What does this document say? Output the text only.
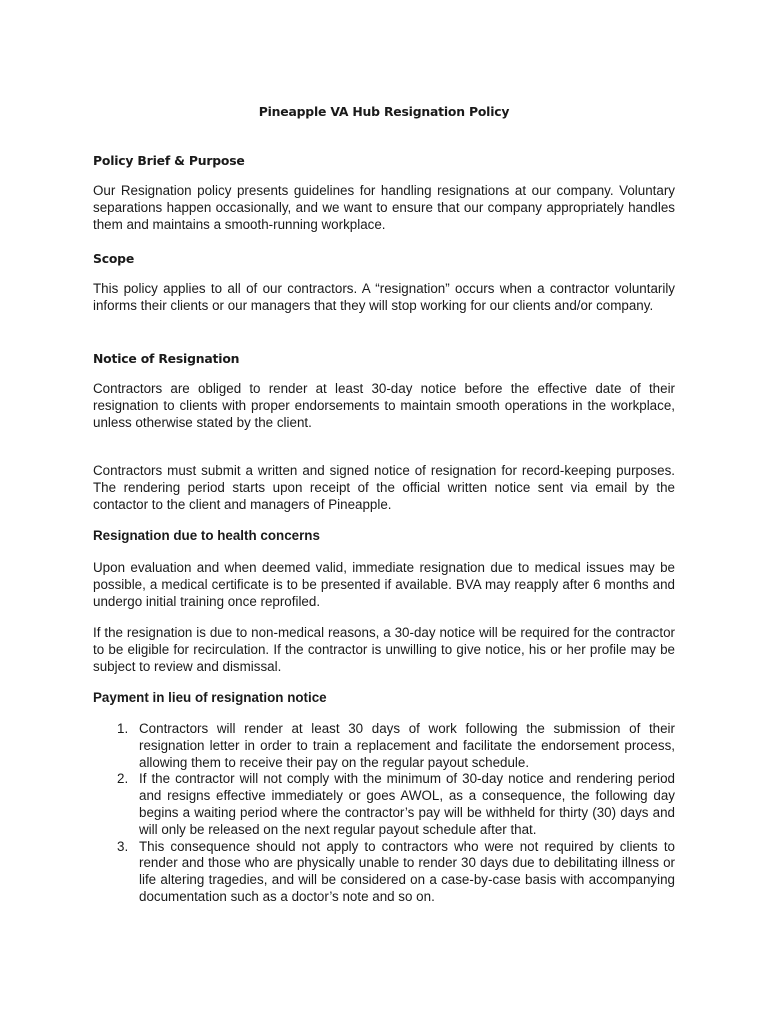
Pineapple VA Hub Resignation Policy
Policy Brief & Purpose

Our Resignation policy presents guidelines for handling resignations at our company. Voluntary separations happen occasionally, and we want to ensure that our company appropriately handles them and maintains a smooth-running workplace.

Scope

This policy applies to all of our contractors. A “resignation” occurs when a contractor voluntarily informs their clients or our managers that they will stop working for our clients and/or company.

Notice of Resignation

Contractors are obliged to render at least 30-day notice before the effective date of their resignation to clients with proper endorsements to maintain smooth operations in the workplace, unless otherwise stated by the client.

Contractors must submit a written and signed notice of resignation for record-keeping purposes. The rendering period starts upon receipt of the official written notice sent via email by the contactor to the client and managers of Pineapple.

Resignation due to health concerns

Upon evaluation and when deemed valid, immediate resignation due to medical issues may be possible, a medical certificate is to be presented if available. BVA may reapply after 6 months and undergo initial training once reprofiled.

If the resignation is due to non-medical reasons, a 30-day notice will be required for the contractor to be eligible for recirculation. If the contractor is unwilling to give notice, his or her profile may be subject to review and dismissal.

Payment in lieu of resignation notice
1. Contractors will render at least 30 days of work following the submission of their resignation letter in order to train a replacement and facilitate the endorsement process, allowing them to receive their pay on the regular payout schedule.
2. If the contractor will not comply with the minimum of 30-day notice and rendering period and resigns effective immediately or goes AWOL, as a consequence, the following day begins a waiting period where the contractor’s pay will be withheld for thirty (30) days and will only be released on the next regular payout schedule after that.
3. This consequence should not apply to contractors who were not required by clients to render and those who are physically unable to render 30 days due to debilitating illness or life altering tragedies, and will be considered on a case-by-case basis with accompanying documentation such as a doctor’s note and so on.
